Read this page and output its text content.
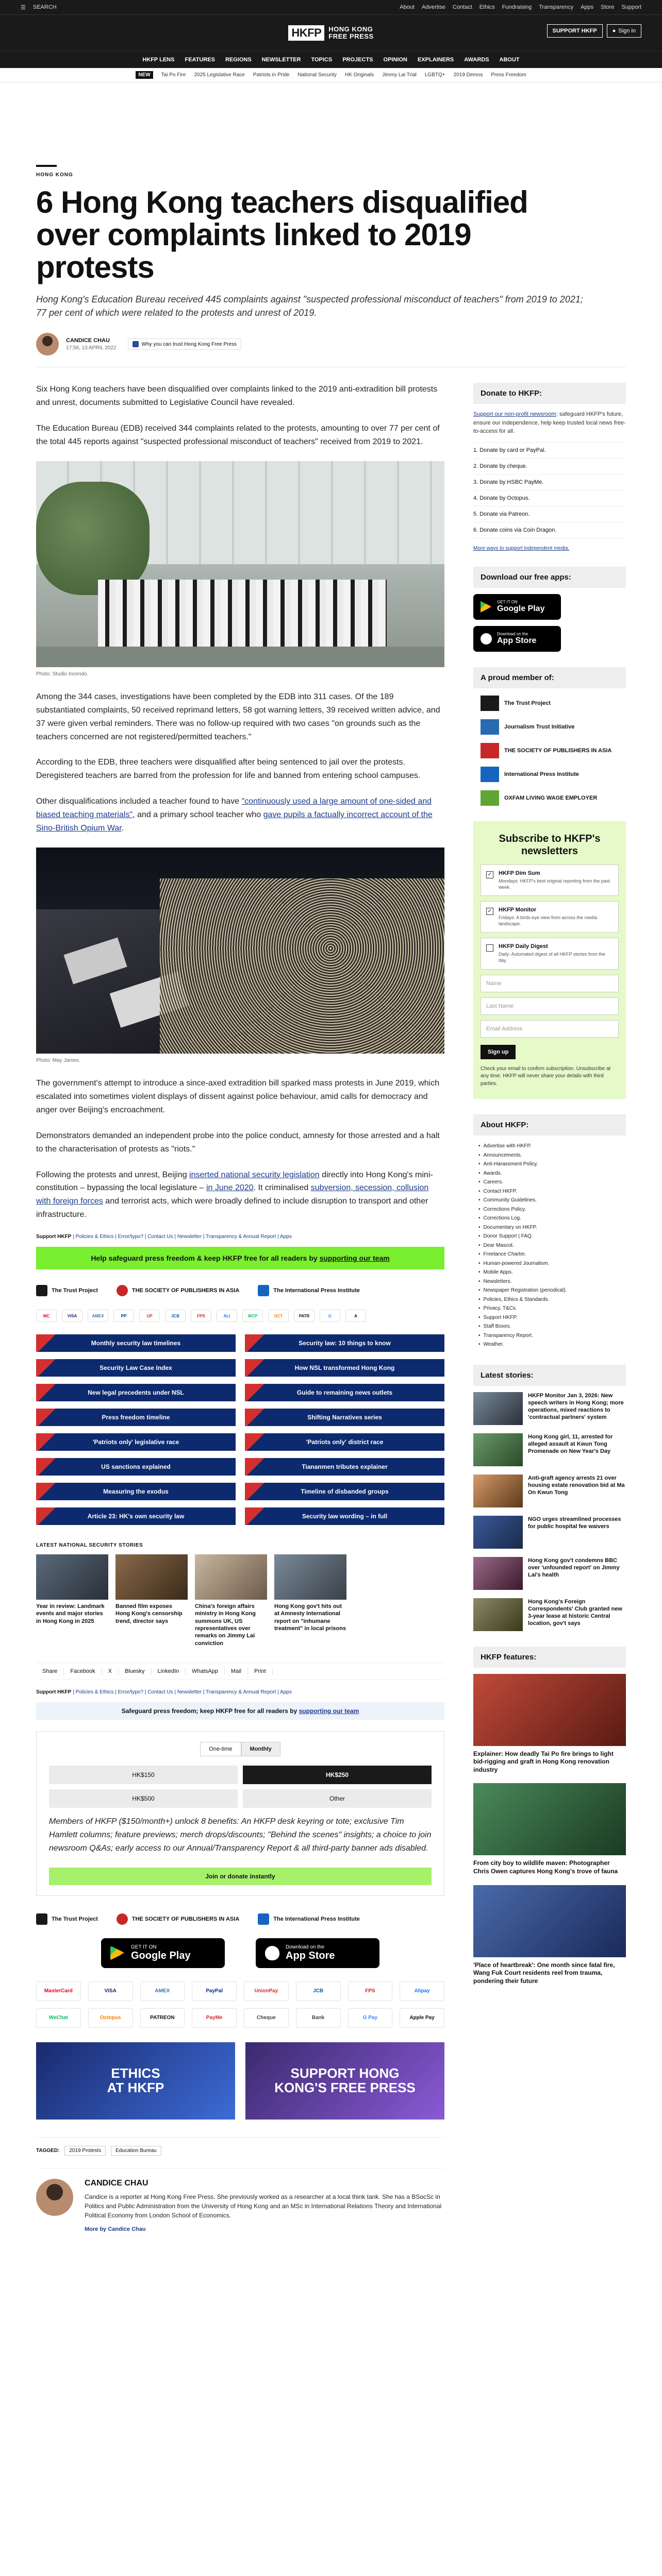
☰ SEARCH	About Advertise Contact Ethics Fundraising Transparency Apps Store Support
HKFP	HONG KONG
FREE PRESS
SUPPORT HKFP	● Sign in
HKFP LENS FEATURES REGIONS NEWSLETTER TOPICS PROJECTS OPINION EXPLAINERS AWARDS ABOUT
NEW	Tai Po Fire 2025 Legislative Race Patriots in Pride National Security HK Originals Jimmy Lai Trial LGBTQ+ 2019 Demos Press Freedom
HONG KONG
6 Hong Kong teachers disqualified over complaints linked to 2019 protests

Hong Kong's Education Bureau received 445 complaints against "suspected professional misconduct of teachers" from 2019 to 2021; 77 per cent of which were related to the protests and unrest of 2019.

CANDICE CHAU
17:56, 13 APRIL 2022
Why you can trust Hong Kong Free Press

Six Hong Kong teachers have been disqualified over complaints linked to the 2019 anti-extradition bill protests and unrest, documents submitted to Legislative Council have revealed.

The Education Bureau (EDB) received 344 complaints related to the protests, amounting to over 77 per cent of the total 445 reports against "suspected professional misconduct of teachers" received from 2019 to 2021.

Photo: Studio Incendo.

Among the 344 cases, investigations have been completed by the EDB into 311 cases. Of the 189 substantiated complaints, 50 received reprimand letters, 58 got warning letters, 39 received written advice, and 37 were given verbal reminders. There was no follow-up required with two cases "on grounds such as the teachers concerned are not registered/permitted teachers."

According to the EDB, three teachers were disqualified after being sentenced to jail over the protests. Deregistered teachers are barred from the profession for life and banned from entering school campuses.

Other disqualifications included a teacher found to have "continuously used a large amount of one-sided and biased teaching materials", and a primary school teacher who gave pupils a factually incorrect account of the Sino-British Opium War.

Photo: May James.

The government's attempt to introduce a since-axed extradition bill sparked mass protests in June 2019, which escalated into sometimes violent displays of dissent against police behaviour, amid calls for democracy and anger over Beijing's encroachment.

Demonstrators demanded an independent probe into the police conduct, amnesty for those arrested and a halt to the characterisation of protests as "riots."

Following the protests and unrest, Beijing inserted national security legislation directly into Hong Kong's mini-constitution – bypassing the local legislature – in June 2020. It criminalised subversion, secession, collusion with foreign forces and terrorist acts, which were broadly defined to include disruption to transport and other infrastructure.

Support HKFP | Policies & Ethics | Error/typo? | Contact Us | Newsletter | Transparency & Annual Report | Apps
Help safeguard press freedom & keep HKFP free for all readers by supporting our team
The Trust Project	THE SOCIETY OF PUBLISHERS IN ASIA	The International Press Institute
MC	VISA	AMEX	PP	UP	JCB	FPS	ALI	WCP	OCT	PATR	G	A
Monthly security law timelines	Security law: 10 things to know
Security Law Case Index	How NSL transformed Hong Kong
New legal precedents under NSL	Guide to remaining news outlets
Press freedom timeline	Shifting Narratives series
'Patriots only' legislative race	'Patriots only' district race
US sanctions explained	Tiananmen tributes explainer
Measuring the exodus	Timeline of disbanded groups
Article 23: HK's own security law	Security law wording – in full
LATEST NATIONAL SECURITY STORIES

Year in review: Landmark events and major stories in Hong Kong in 2025

Banned film exposes Hong Kong's censorship trend, director says

China's foreign affairs ministry in Hong Kong summons UK, US representatives over remarks on Jimmy Lai conviction

Hong Kong gov't hits out at Amnesty International report on "inhumane treatment" in local prisons

Share	Facebook	X	Bluesky	LinkedIn	WhatsApp	Mail	Print
Support HKFP | Policies & Ethics | Error/typo? | Contact Us | Newsletter | Transparency & Annual Report | Apps
Safeguard press freedom; keep HKFP free for all readers by supporting our team
One-time	Monthly
HK$150	HK$250
HK$500	Other

Members of HKFP ($150/month+) unlock 8 benefits: An HKFP desk keyring or tote; exclusive Tim Hamlett columns; feature previews; merch drops/discounts; "Behind the scenes" insights; a choice to join newsroom Q&As; early access to our Annual/Transparency Report & all third-party banner ads disabled.

Join or donate instantly
The Trust Project	THE SOCIETY OF PUBLISHERS IN ASIA	The International Press Institute
GET IT ON
Google Play
Download on the
App Store
MasterCard	VISA	AMEX	PayPal	UnionPay	JCB	FPS	Alipay
WeChat	Octopus	PATREON	PayMe	Cheque	Bank	G Pay	Apple Pay
ETHICS
AT HKFP
SUPPORT HONG
KONG'S FREE PRESS
TAGGED:	2019 Protests	Education Bureau
CANDICE CHAU

Candice is a reporter at Hong Kong Free Press. She previously worked as a researcher at a local think tank. She has a BSocSc in Politics and Public Administration from the University of Hong Kong and an MSc in International Relations Theory and International Political Economy from London School of Economics.

More by Candice Chau
Donate to HKFP:

Support our non-profit newsroom: safeguard HKFP's future, ensure our independence, help keep trusted local news free-to-access for all.

1. Donate by card or PayPal.
2. Donate by cheque.
3. Donate by HSBC PayMe.
4. Donate by Octopus.
5. Donate via Patreon.
6. Donate coins via Coin Dragon.
More ways to support independent media.
Download our free apps:
GET IT ON
Google Play
Download on the
App Store
A proud member of:
The Trust Project
Journalism Trust Initiative
THE SOCIETY OF PUBLISHERS IN ASIA
International Press Institute
OXFAM LIVING WAGE EMPLOYER
Subscribe to HKFP's newsletters
✓ HKFP Dim Sum
Mondays: HKFP's best original reporting from the past week.
✓ HKFP Monitor
Fridays: A birds-eye view from across the media landscape.
HKFP Daily Digest
Daily: Automated digest of all HKFP stories from the day.
Name
Last Name
Email Address
Sign up

Check your email to confirm subscription. Unsubscribe at any time. HKFP will never share your details with third parties.

About HKFP:
• Advertise with HKFP.
• Announcements.
• Anti-Harassment Policy.
• Awards.
• Careers.
• Contact HKFP.
• Community Guidelines.
• Corrections Policy.
• Corrections Log.
• Documentary on HKFP.
• Donor Support | FAQ.
• Dear Mascot.
• Freelance Charter.
• Human-powered Journalism.
• Mobile Apps.
• Newsletters.
• Newspaper Registration (periodical).
• Policies, Ethics & Standards.
• Privacy, T&Cs.
• Support HKFP.
• Staff Boxes.
• Transparency Report.
• Weather.
Latest stories:

HKFP Monitor Jan 3, 2026: New speech writers in Hong Kong; more operations, mixed reactions to 'contractual partners' system

Hong Kong girl, 11, arrested for alleged assault at Kwun Tong Promenade on New Year's Day

Anti-graft agency arrests 21 over housing estate renovation bid at Ma On Kwun Tong

NGO urges streamlined processes for public hospital fee waivers

Hong Kong gov't condemns BBC over 'unfounded report' on Jimmy Lai's health

Hong Kong's Foreign Correspondents' Club granted new 3-year lease at historic Central location, gov't says

HKFP features:

Explainer: How deadly Tai Po fire brings to light bid-rigging and graft in Hong Kong renovation industry

From city boy to wildlife maven: Photographer Chris Owen captures Hong Kong's trove of fauna

'Place of heartbreak': One month since fatal fire, Wang Fuk Court residents reel from trauma, pondering their future
